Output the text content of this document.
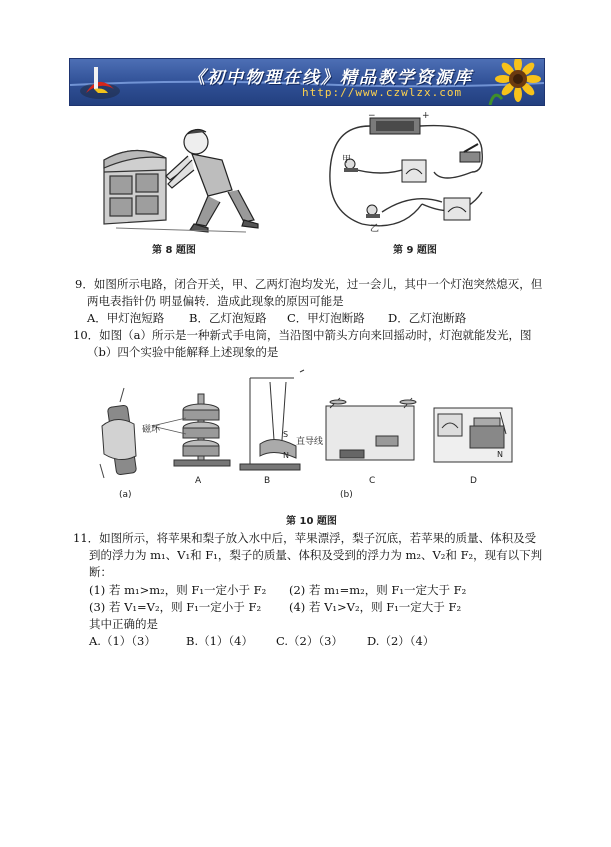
《初中物理在线》精品教学资源库
http://www.czwlzx.com
第 8 题图
−	+
甲
乙
第 9 题图
9．如图所示电路，闭合开关，甲、乙两灯泡均发光，过一会儿，其中一个灯泡突然熄灭，但
两电表指针仍 明显偏转．造成此现象的原因可能是
A．甲灯泡短路 B．乙灯泡短路 C．甲灯泡断路 D．乙灯泡断路
10．如图（a）所示是一种新式手电筒，当沿图中箭头方向来回摇动时，灯泡就能发光，图
（b）四个实验中能解释上述现象的是
磁环
直导线
S
N	N
(a)
A	B
(b)
C	D
第 10 题图
11．如图所示，将苹果和梨子放入水中后，苹果漂浮，梨子沉底，若苹果的质量、体积及受
到的浮力为 m₁、V₁和 F₁，梨子的质量、体积及受到的浮力为 m₂、V₂和 F₂，现有以下判
断：
(1) 若 m₁>m₂，则 F₁一定小于 F₂ (2) 若 m₁=m₂，则 F₁一定大于 F₂
(3) 若 V₁=V₂，则 F₁一定小于 F₂ (4) 若 V₁>V₂，则 F₁一定大于 F₂
其中正确的是
A.（1）（3）	B.（1）（4） C.（2）（3） D.（2）（4）
